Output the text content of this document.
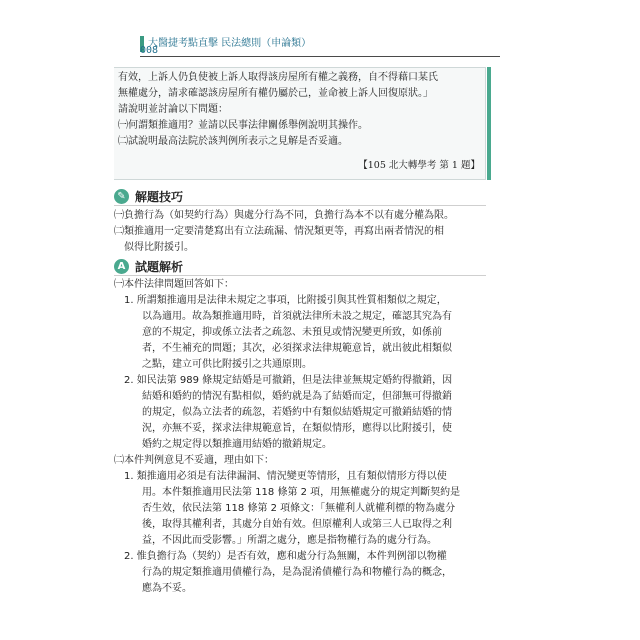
大醫捷考點直擊 民法總則（申論類）
008

有效，上訴人仍負使被上訴人取得該房屋所有權之義務，自不得藉口某氏

無權處分，請求確認該房屋所有權仍屬於己，並命被上訴人回復原狀。」

請說明並討論以下問題：

㈠何謂類推適用？並請以民事法律關係舉例說明其操作。

㈡試說明最高法院於該判例所表示之見解是否妥適。

【105 北大轉學考 第 1 題】
✎ 解題技巧

㈠負擔行為（如契約行為）與處分行為不同，負擔行為本不以有處分權為限。

㈡類推適用一定要清楚寫出有立法疏漏、情況類更等，再寫出兩者情況的相

　似得比附援引。

A 試題解析

㈠本件法律問題回答如下：

1. 所謂類推適用是法律未規定之事項，比附援引與其性質相類似之規定，

以為適用。故為類推適用時，首須就法律所未設之規定，確認其究為有

意的不規定，抑或係立法者之疏忽、未預見或情況變更所致，如係前

者，不生補充的問題；其次，必須探求法律規範意旨，就出彼此相類似

之點，建立可供比附援引之共通原則。

2. 如民法第 989 條規定結婚是可撤銷，但是法律並無規定婚約得撤銷，因

結婚和婚約的情況有點相似，婚約就是為了結婚而定，但卻無可得撤銷

的規定，似為立法者的疏忽，若婚約中有類似結婚規定可撤銷結婚的情

況，亦無不妥，探求法律規範意旨，在類似情形，應得以比附援引，使

婚約之規定得以類推適用結婚的撤銷規定。

㈡本件判例意見不妥適，理由如下：

1. 類推適用必須是有法律漏洞、情況變更等情形，且有類似情形方得以使

用。本件類推適用民法第 118 條第 2 項，用無權處分的規定判斷契約是

否生效，依民法第 118 條第 2 項條文：「無權利人就權利標的物為處分

後，取得其權利者，其處分自始有效。但原權利人或第三人已取得之利

益，不因此而受影響。」所謂之處分，應是指物權行為的處分行為。

2. 惟負擔行為（契約）是否有效，應和處分行為無關，本件判例卻以物權

行為的規定類推適用債權行為，是為混淆債權行為和物權行為的概念，

應為不妥。
